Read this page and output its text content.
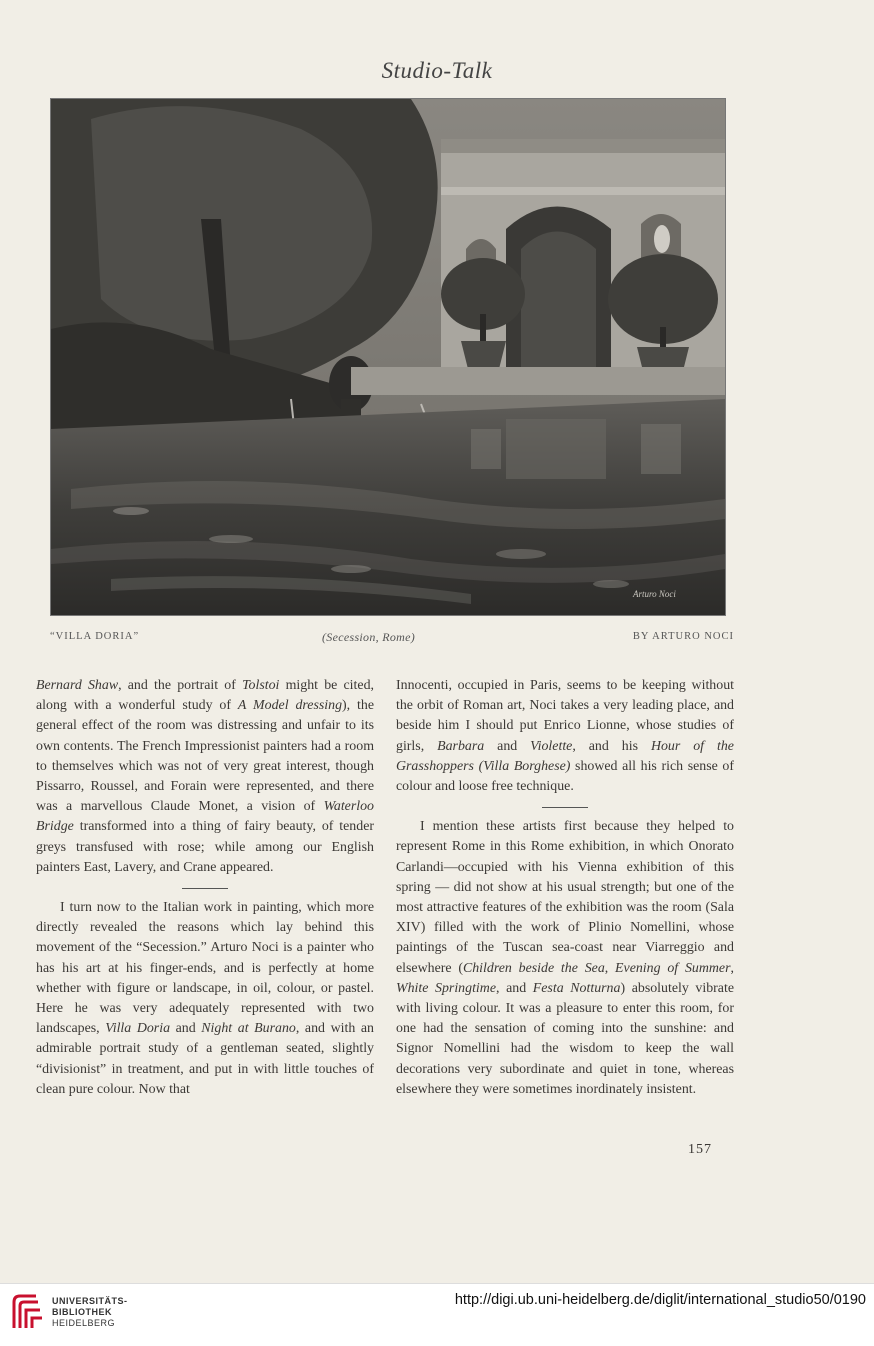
Studio-Talk
Arturo Noci
“VILLA DORIA”	(Secession, Rome)	BY ARTURO NOCI

Bernard Shaw, and the portrait of Tolstoi might be cited, along with a wonderful study of A Model dressing), the general effect of the room was distressing and unfair to its own contents. The French Impressionist painters had a room to themselves which was not of very great interest, though Pissarro, Roussel, and Forain were represented, and there was a marvellous Claude Monet, a vision of Waterloo Bridge transformed into a thing of fairy beauty, of tender greys transfused with rose; while among our English painters East, Lavery, and Crane appeared.

I turn now to the Italian work in painting, which more directly revealed the reasons which lay behind this movement of the “Secession.” Arturo Noci is a painter who has his art at his finger-ends, and is perfectly at home whether with figure or landscape, in oil, colour, or pastel. Here he was very adequately represented with two landscapes, Villa Doria and Night at Burano, and with an admirable portrait study of a gentleman seated, slightly “divisionist” in treatment, and put in with little touches of clean pure colour. Now that

Innocenti, occupied in Paris, seems to be keeping without the orbit of Roman art, Noci takes a very leading place, and beside him I should put Enrico Lionne, whose studies of girls, Barbara and Violette, and his Hour of the Grasshoppers (Villa Borghese) showed all his rich sense of colour and loose free technique.

I mention these artists first because they helped to represent Rome in this Rome exhibition, in which Onorato Carlandi—occupied with his Vienna exhibition of this spring — did not show at his usual strength; but one of the most attractive features of the exhibition was the room (Sala XIV) filled with the work of Plinio Nomellini, whose paintings of the Tuscan sea-coast near Viarreggio and elsewhere (Children beside the Sea, Evening of Summer, White Springtime, and Festa Notturna) absolutely vibrate with living colour. It was a pleasure to enter this room, for one had the sensation of coming into the sunshine: and Signor Nomellini had the wisdom to keep the wall decorations very subordinate and quiet in tone, whereas elsewhere they were sometimes inordinately insistent.

157
UNIVERSITÄTS-
BIBLIOTHEK
HEIDELBERG
http://digi.ub.uni-heidelberg.de/diglit/international_studio50/0190
